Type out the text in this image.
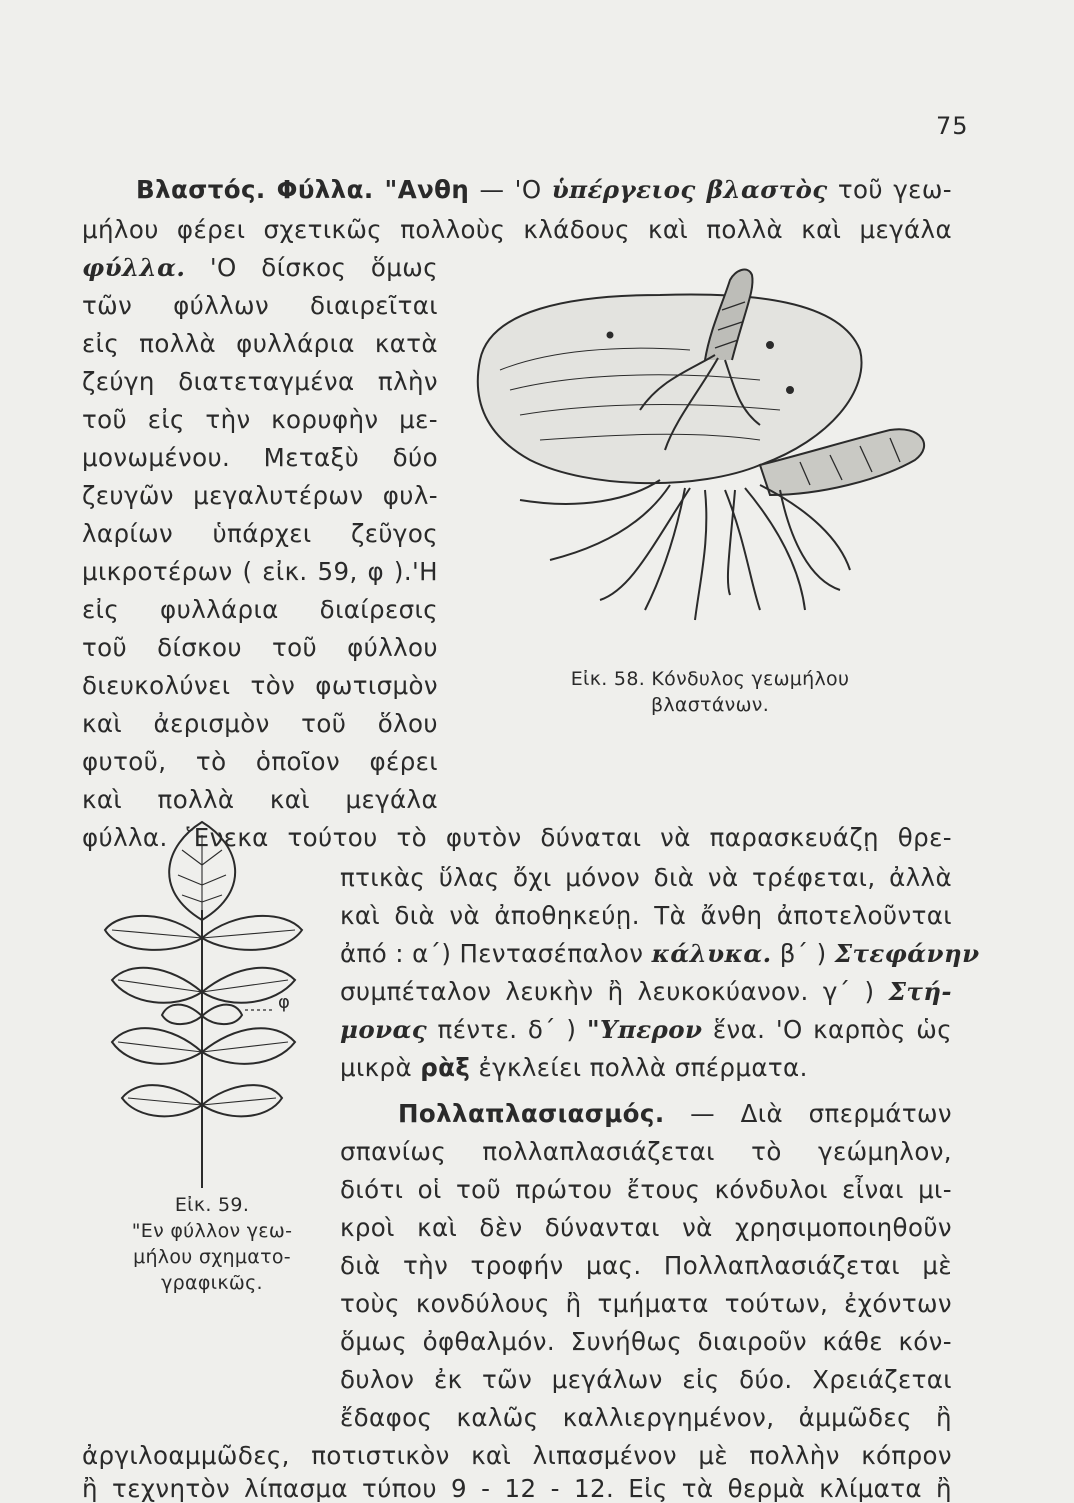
75
Βλαστός. Φύλλα. "Ανθη — 'Ο ὑπέργειος βλαστὸς τοῦ γεω-
μήλου φέρει σχετικῶς πολλοὺς κλάδους καὶ πολλὰ καὶ μεγάλα
φύλλα. 'Ο δίσκος ὅμως
τῶν φύλλων διαιρεῖται
εἰς πολλὰ φυλλάρια κατὰ
ζεύγη διατεταγμένα πλὴν
τοῦ εἰς τὴν κορυφὴν με-
μονωμένου. Μεταξὺ δύο
ζευγῶν μεγαλυτέρων φυλ-
λαρίων ὑπάρχει ζεῦγος
μικροτέρων ( εἰκ. 59, φ ).'Η
εἰς φυλλάρια διαίρεσις
τοῦ δίσκου τοῦ φύλλου
διευκολύνει τὸν φωτισμὸν
καὶ ἀερισμὸν τοῦ ὅλου
φυτοῦ, τὸ ὁποῖον φέρει
καὶ πολλὰ καὶ μεγάλα
φύλλα. Ἕνεκα τούτου τὸ φυτὸν δύναται νὰ παρασκευάζῃ θρε-
πτικὰς ὕλας ὄχι μόνον διὰ νὰ τρέφεται, ἀλλὰ
καὶ διὰ νὰ ἀποθηκεύῃ. Τὰ ἄνθη ἀποτελοῦνται
ἀπό : α΄) Πεντασέπαλον κάλυκα. β΄ ) Στεφάνην
συμπέταλον λευκὴν ἢ λευκοκύανον. γ΄ ) Στή-
μονας πέντε. δ΄ ) "Υπερον ἕνα. 'Ο καρπὸς ὡς
μικρὰ ρὰξ ἐγκλείει πολλὰ σπέρματα.
Πολλαπλασιασμός. — Διὰ σπερμάτων
σπανίως πολλαπλασιάζεται τὸ γεώμηλον,
διότι οἱ τοῦ πρώτου ἔτους κόνδυλοι εἶναι μι-
κροὶ καὶ δὲν δύνανται νὰ χρησιμοποιηθοῦν
διὰ τὴν τροφήν μας. Πολλαπλασιάζεται μὲ
τοὺς κονδύλους ἢ τμήματα τούτων, ἐχόντων
ὅμως ὀφθαλμόν. Συνήθως διαιροῦν κάθε κόν-
δυλον ἐκ τῶν μεγάλων εἰς δύο. Χρειάζεται
ἔδαφος καλῶς καλλιεργημένον, ἀμμῶδες ἢ
ἀργιλοαμμῶδες, ποτιστικὸν καὶ λιπασμένον μὲ πολλὴν κόπρον
ἢ τεχνητὸν λίπασμα τύπου 9 - 12 - 12. Εἰς τὰ θερμὰ κλίματα ἢ
Εἰκ. 58. Κόνδυλος γεωμήλου
βλαστάνων.
φ
Εἰκ. 59.
"Εν φύλλον γεω-
μήλου σχηματο-
γραφικῶς.
